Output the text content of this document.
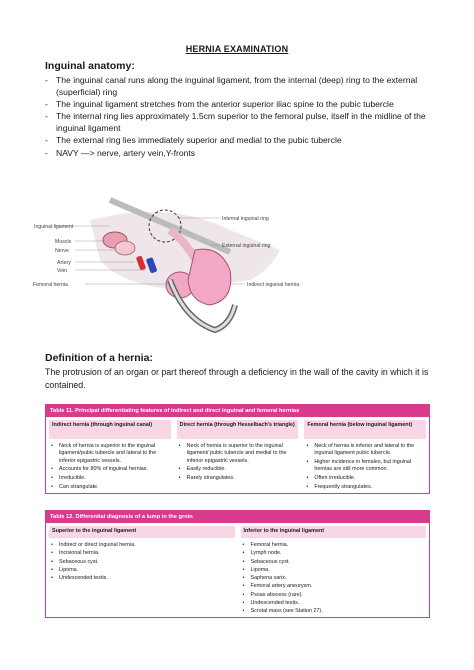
HERNIA EXAMINATION
Inguinal anatomy:
- The inguinal canal runs along the inguinal ligament, from the internal (deep) ring to the external (superficial) ring
- The inguinal ligament stretches from the anterior superior iliac spine to the pubic tubercle
- The internal ring lies approximately 1.5cm superior to the femoral pulse, itself in the midline of the inguinal ligament
- The external ring lies immediately superior and medial to the pubic tubercle
- NAVY —> nerve, artery vein,Y-fronts
Inguinal ligament
Muscle
Nerve
Artery
Vein
Femoral hernia
Internal inguinal ring
External inguinal ring
Indirect inguinal hernia
Definition of a hernia:
The protrusion of an organ or part thereof through a deficiency in the wall of the cavity in which it is contained.
Table 11. Principal differentiating features of indirect and direct inguinal and femoral hernias
Indirect hernia (through inguinal canal)
• Neck of hernia is superior to the inguinal ligament/pubic tubercle and lateral to the inferior epigastric vessels.
• Accounts for 80% of inguinal hernias.
• Irreducible.
• Can strangulate.
Direct hernia (through Hesselbach's triangle)
• Neck of hernia is superior to the inguinal ligament/ pubic tubercle and medial to the inferior epigastric vessels.
• Easily reducible.
• Rarely strangulates.
Femoral hernia (below inguinal ligament)
• Neck of hernia is inferior and lateral to the inguinal ligament pubic tubercle.
• Higher incidence in females, but inguinal hernias are still more common.
• Often irreducible.
• Frequently strangulates.
Table 12. Differential diagnosis of a lump in the groin
Superior to the inguinal ligament
• Indirect or direct inguinal hernia.
• Incisional hernia.
• Sebaceous cyst.
• Lipoma.
• Undescended testis.
Inferior to the inguinal ligament
• Femoral hernia.
• Lymph node.
• Sebaceous cyst.
• Lipoma.
• Saphena varix.
• Femoral artery aneurysm.
• Psoas abscess (rare).
• Undescended testis.
• Scrotal mass (see Station 27).
